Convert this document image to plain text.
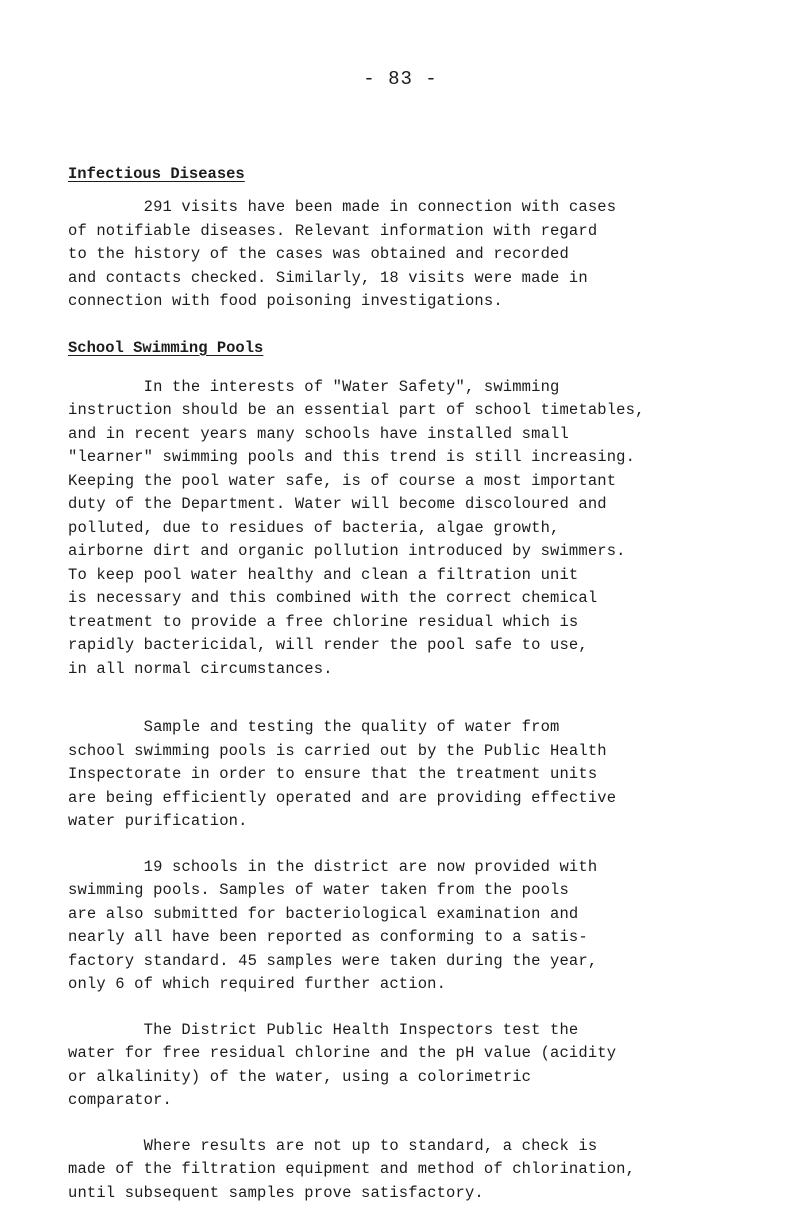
- 83 -
Infectious Diseases

291 visits have been made in connection with cases
of notifiable diseases. Relevant information with regard
to the history of the cases was obtained and recorded
and contacts checked. Similarly, 18 visits were made in
connection with food poisoning investigations.

School Swimming Pools

In the interests of "Water Safety", swimming
instruction should be an essential part of school timetables,
and in recent years many schools have installed small
"learner" swimming pools and this trend is still increasing.
Keeping the pool water safe, is of course a most important
duty of the Department. Water will become discoloured and
polluted, due to residues of bacteria, algae growth,
airborne dirt and organic pollution introduced by swimmers.
To keep pool water healthy and clean a filtration unit
is necessary and this combined with the correct chemical
treatment to provide a free chlorine residual which is
rapidly bactericidal, will render the pool safe to use,
in all normal circumstances.

Sample and testing the quality of water from
school swimming pools is carried out by the Public Health
Inspectorate in order to ensure that the treatment units
are being efficiently operated and are providing effective
water purification.

19 schools in the district are now provided with
swimming pools. Samples of water taken from the pools
are also submitted for bacteriological examination and
nearly all have been reported as conforming to a satis-
factory standard. 45 samples were taken during the year,
only 6 of which required further action.

The District Public Health Inspectors test the
water for free residual chlorine and the pH value (acidity
or alkalinity) of the water, using a colorimetric
comparator.

Where results are not up to standard, a check is
made of the filtration equipment and method of chlorination,
until subsequent samples prove satisfactory.
